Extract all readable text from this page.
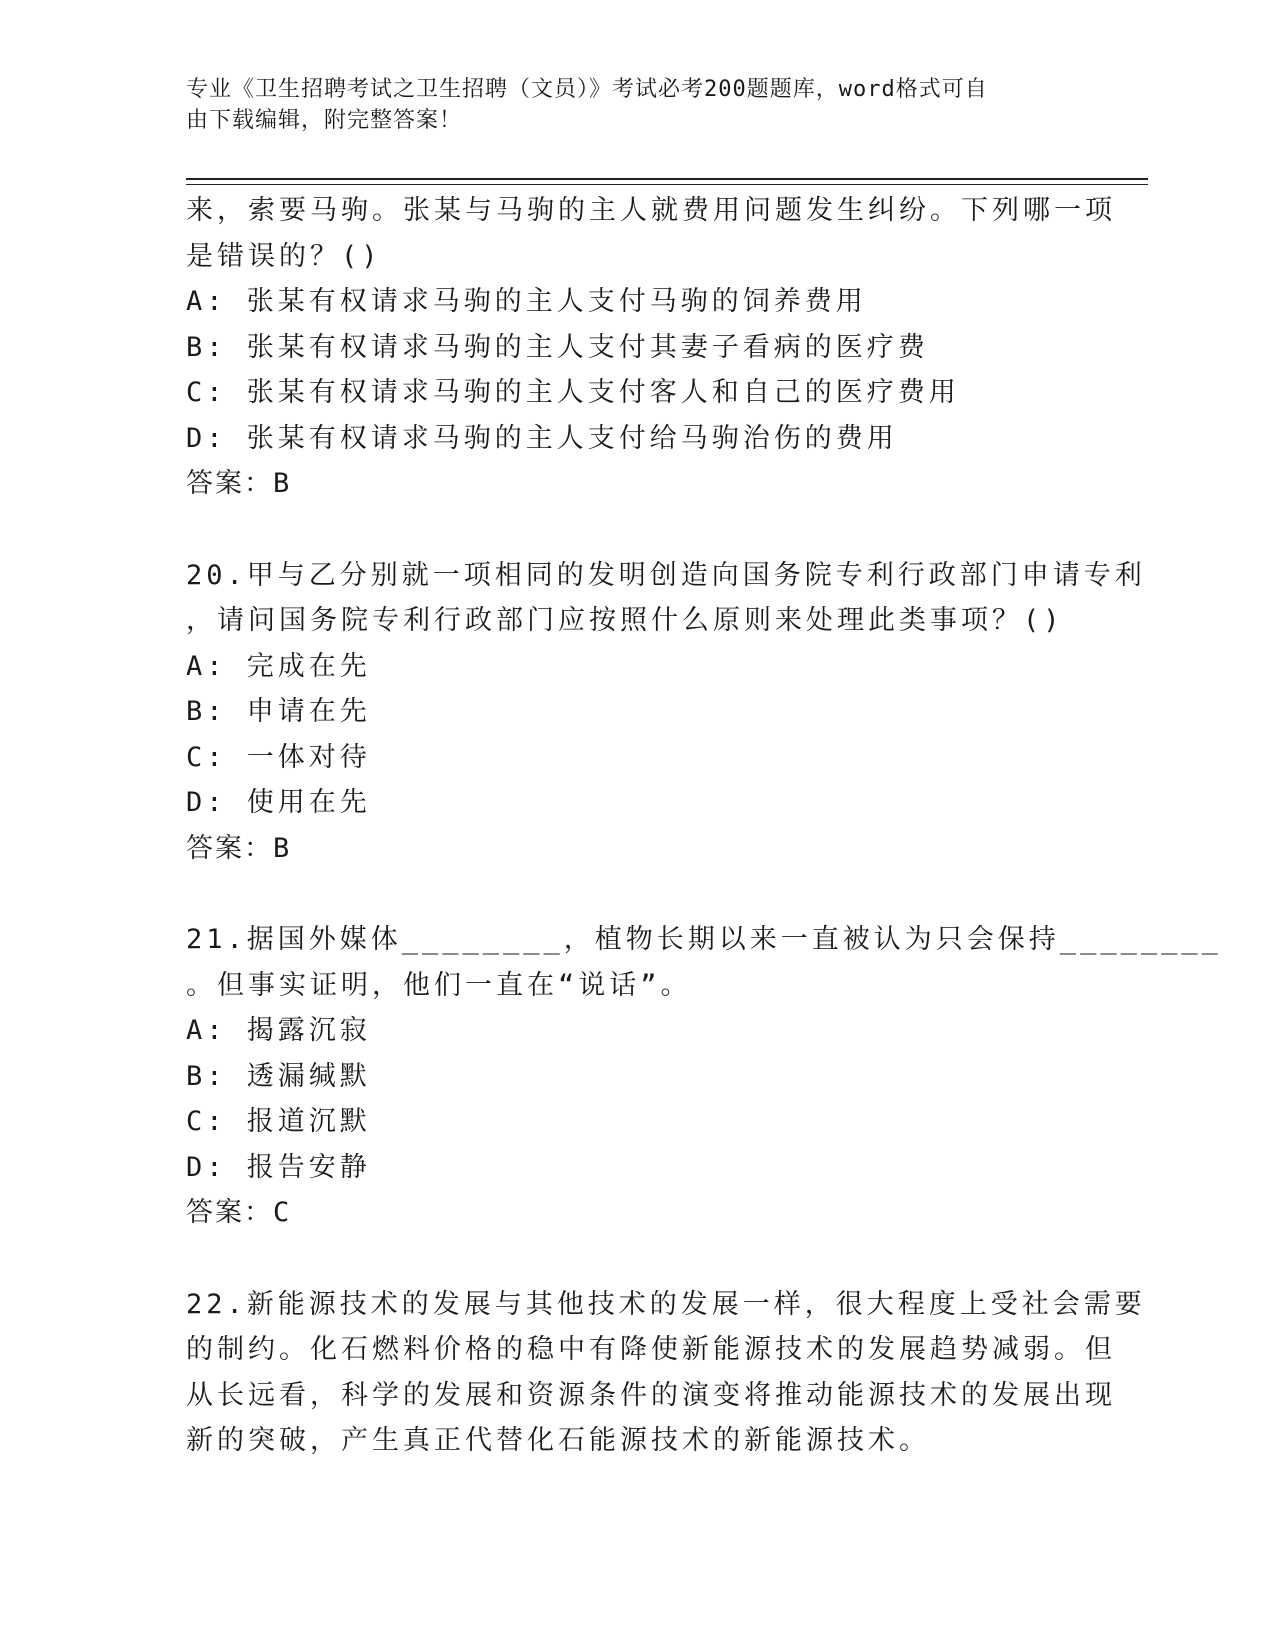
专业《卫生招聘考试之卫生招聘（文员）》考试必考200题题库，word格式可自
由下载编辑，附完整答案！
来，索要马驹。张某与马驹的主人就费用问题发生纠纷。下列哪一项
是错误的？()
A: 张某有权请求马驹的主人支付马驹的饲养费用
B: 张某有权请求马驹的主人支付其妻子看病的医疗费
C: 张某有权请求马驹的主人支付客人和自己的医疗费用
D: 张某有权请求马驹的主人支付给马驹治伤的费用
答案：B
20.甲与乙分别就一项相同的发明创造向国务院专利行政部门申请专利
，请问国务院专利行政部门应按照什么原则来处理此类事项？()
A: 完成在先
B: 申请在先
C: 一体对待
D: 使用在先
答案：B
21.据国外媒体________，植物长期以来一直被认为只会保持________
。但事实证明，他们一直在“说话”。
A: 揭露沉寂
B: 透漏缄默
C: 报道沉默
D: 报告安静
答案：C
22.新能源技术的发展与其他技术的发展一样，很大程度上受社会需要
的制约。化石燃料价格的稳中有降使新能源技术的发展趋势减弱。但
从长远看，科学的发展和资源条件的演变将推动能源技术的发展出现
新的突破，产生真正代替化石能源技术的新能源技术。
